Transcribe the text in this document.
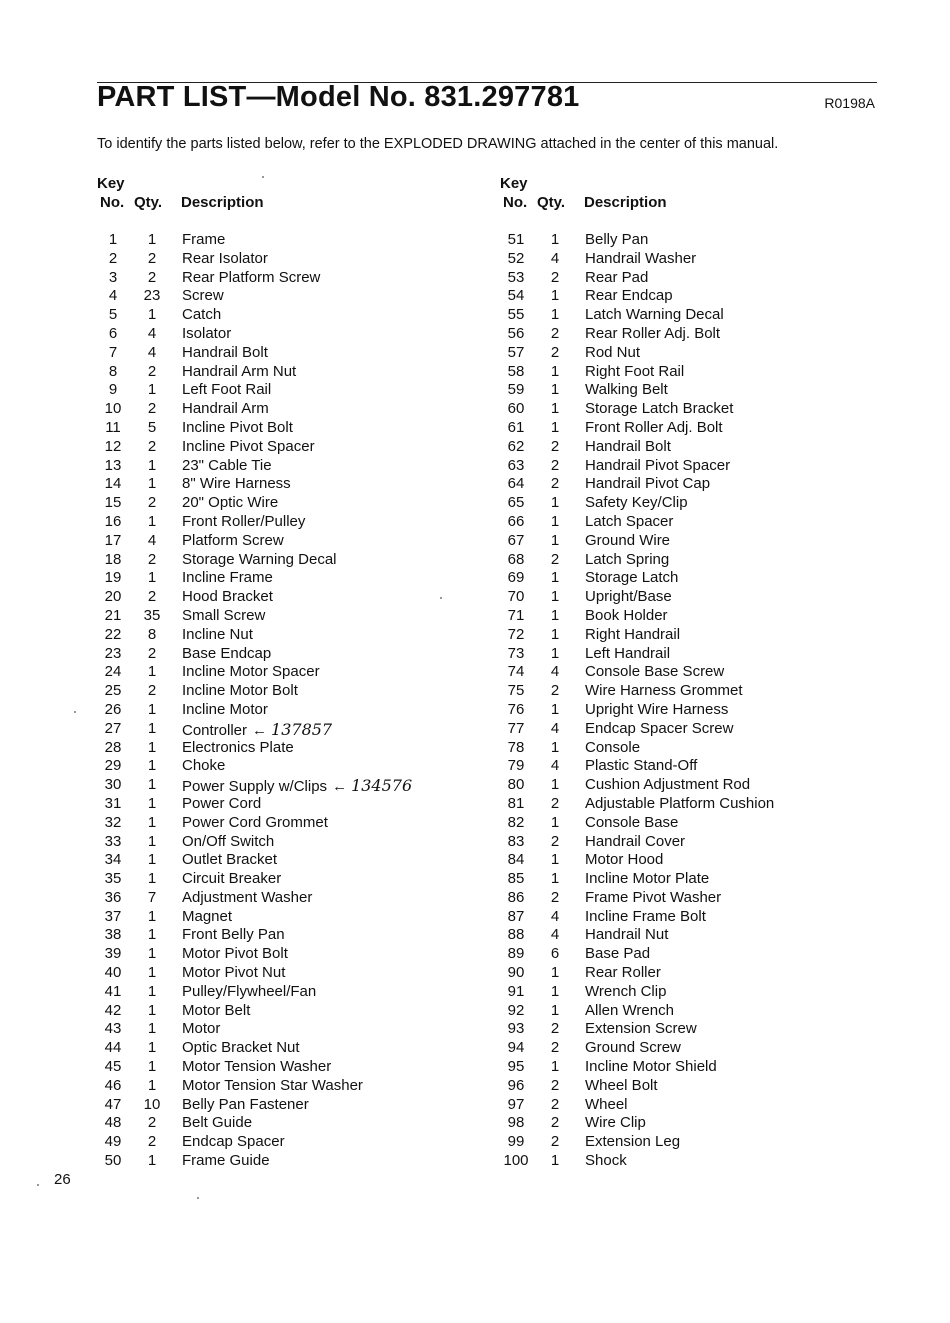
PART LIST—Model No. 831.297781	R0198A
To identify the parts listed below, refer to the EXPLODED DRAWING attached in the center of this manual.
Key
No. Qty. Description
1	1	Frame
2	2	Rear Isolator
3	2	Rear Platform Screw
4	23	Screw
5	1	Catch
6	4	Isolator
7	4	Handrail Bolt
8	2	Handrail Arm Nut
9	1	Left Foot Rail
10	2	Handrail Arm
11	5	Incline Pivot Bolt
12	2	Incline Pivot Spacer
13	1	23" Cable Tie
14	1	8" Wire Harness
15	2	20" Optic Wire
16	1	Front Roller/Pulley
17	4	Platform Screw
18	2	Storage Warning Decal
19	1	Incline Frame
20	2	Hood Bracket
21	35	Small Screw
22	8	Incline Nut
23	2	Base Endcap
24	1	Incline Motor Spacer
25	2	Incline Motor Bolt
26	1	Incline Motor
27	1	Controller ← 137857
28	1	Electronics Plate
29	1	Choke
30	1	Power Supply w/Clips ← 134576
31	1	Power Cord
32	1	Power Cord Grommet
33	1	On/Off Switch
34	1	Outlet Bracket
35	1	Circuit Breaker
36	7	Adjustment Washer
37	1	Magnet
38	1	Front Belly Pan
39	1	Motor Pivot Bolt
40	1	Motor Pivot Nut
41	1	Pulley/Flywheel/Fan
42	1	Motor Belt
43	1	Motor
44	1	Optic Bracket Nut
45	1	Motor Tension Washer
46	1	Motor Tension Star Washer
47	10	Belly Pan Fastener
48	2	Belt Guide
49	2	Endcap Spacer
50	1	Frame Guide
Key
No. Qty. Description
51	1	Belly Pan
52	4	Handrail Washer
53	2	Rear Pad
54	1	Rear Endcap
55	1	Latch Warning Decal
56	2	Rear Roller Adj. Bolt
57	2	Rod Nut
58	1	Right Foot Rail
59	1	Walking Belt
60	1	Storage Latch Bracket
61	1	Front Roller Adj. Bolt
62	2	Handrail Bolt
63	2	Handrail Pivot Spacer
64	2	Handrail Pivot Cap
65	1	Safety Key/Clip
66	1	Latch Spacer
67	1	Ground Wire
68	2	Latch Spring
69	1	Storage Latch
70	1	Upright/Base
71	1	Book Holder
72	1	Right Handrail
73	1	Left Handrail
74	4	Console Base Screw
75	2	Wire Harness Grommet
76	1	Upright Wire Harness
77	4	Endcap Spacer Screw
78	1	Console
79	4	Plastic Stand-Off
80	1	Cushion Adjustment Rod
81	2	Adjustable Platform Cushion
82	1	Console Base
83	2	Handrail Cover
84	1	Motor Hood
85	1	Incline Motor Plate
86	2	Frame Pivot Washer
87	4	Incline Frame Bolt
88	4	Handrail Nut
89	6	Base Pad
90	1	Rear Roller
91	1	Wrench Clip
92	1	Allen Wrench
93	2	Extension Screw
94	2	Ground Screw
95	1	Incline Motor Shield
96	2	Wheel Bolt
97	2	Wheel
98	2	Wire Clip
99	2	Extension Leg
100	1	Shock
26
